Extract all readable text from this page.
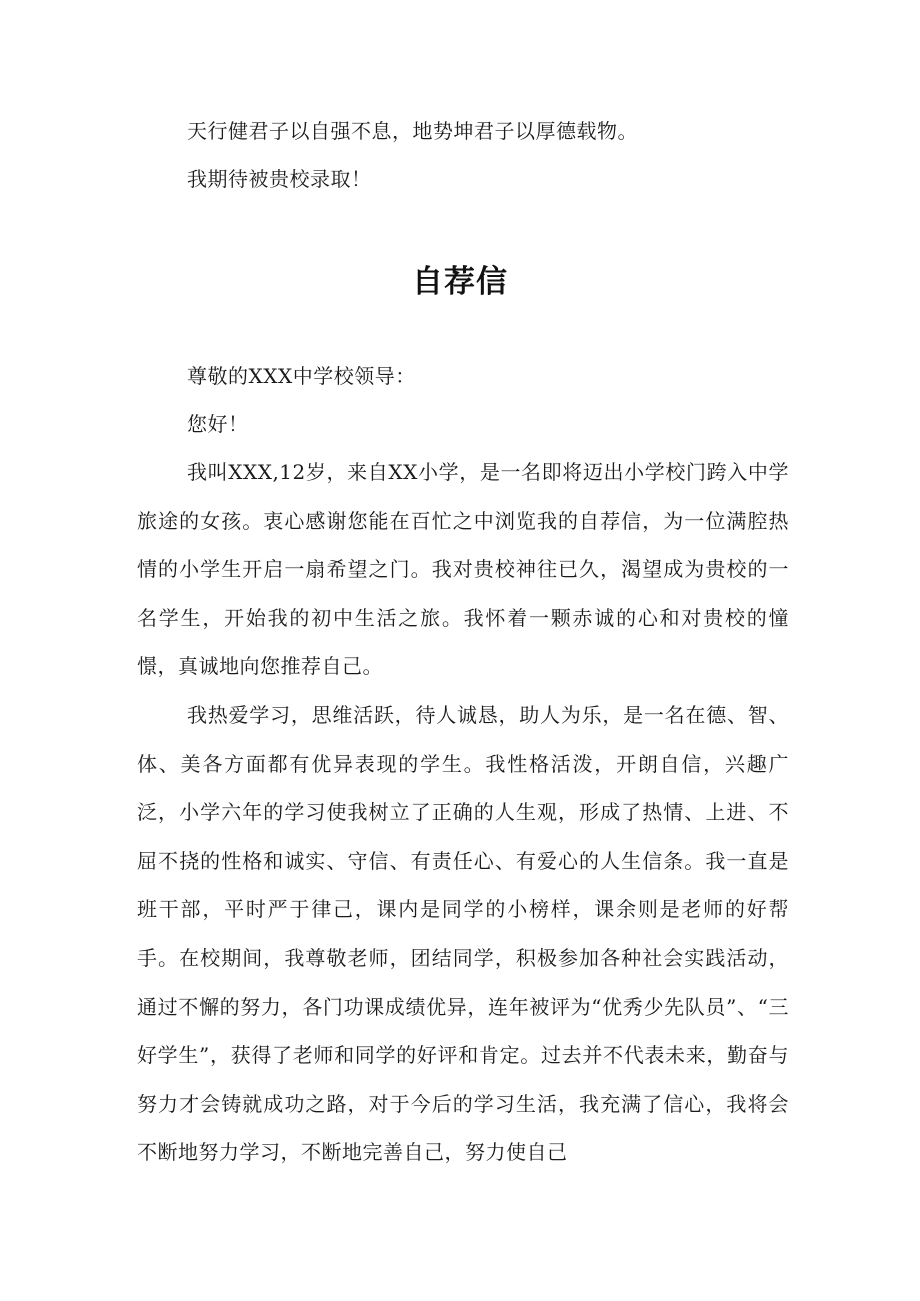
天行健君子以自强不息，地势坤君子以厚德载物。

我期待被贵校录取！

自荐信

尊敬的XXX中学校领导：

您好！

我叫XXX,12岁，来自XX小学，是一名即将迈出小学校门跨入中学旅途的女孩。衷心感谢您能在百忙之中浏览我的自荐信，为一位满腔热情的小学生开启一扇希望之门。我对贵校神往已久，渴望成为贵校的一名学生，开始我的初中生活之旅。我怀着一颗赤诚的心和对贵校的憧憬，真诚地向您推荐自己。

我热爱学习，思维活跃，待人诚恳，助人为乐，是一名在德、智、体、美各方面都有优异表现的学生。我性格活泼，开朗自信，兴趣广泛，小学六年的学习使我树立了正确的人生观，形成了热情、上进、不屈不挠的性格和诚实、守信、有责任心、有爱心的人生信条。我一直是班干部，平时严于律己，课内是同学的小榜样，课余则是老师的好帮手。在校期间，我尊敬老师，团结同学，积极参加各种社会实践活动，通过不懈的努力，各门功课成绩优异，连年被评为“优秀少先队员”、“三好学生”，获得了老师和同学的好评和肯定。过去并不代表未来，勤奋与努力才会铸就成功之路，对于今后的学习生活，我充满了信心，我将会不断地努力学习，不断地完善自己，努力使自己
